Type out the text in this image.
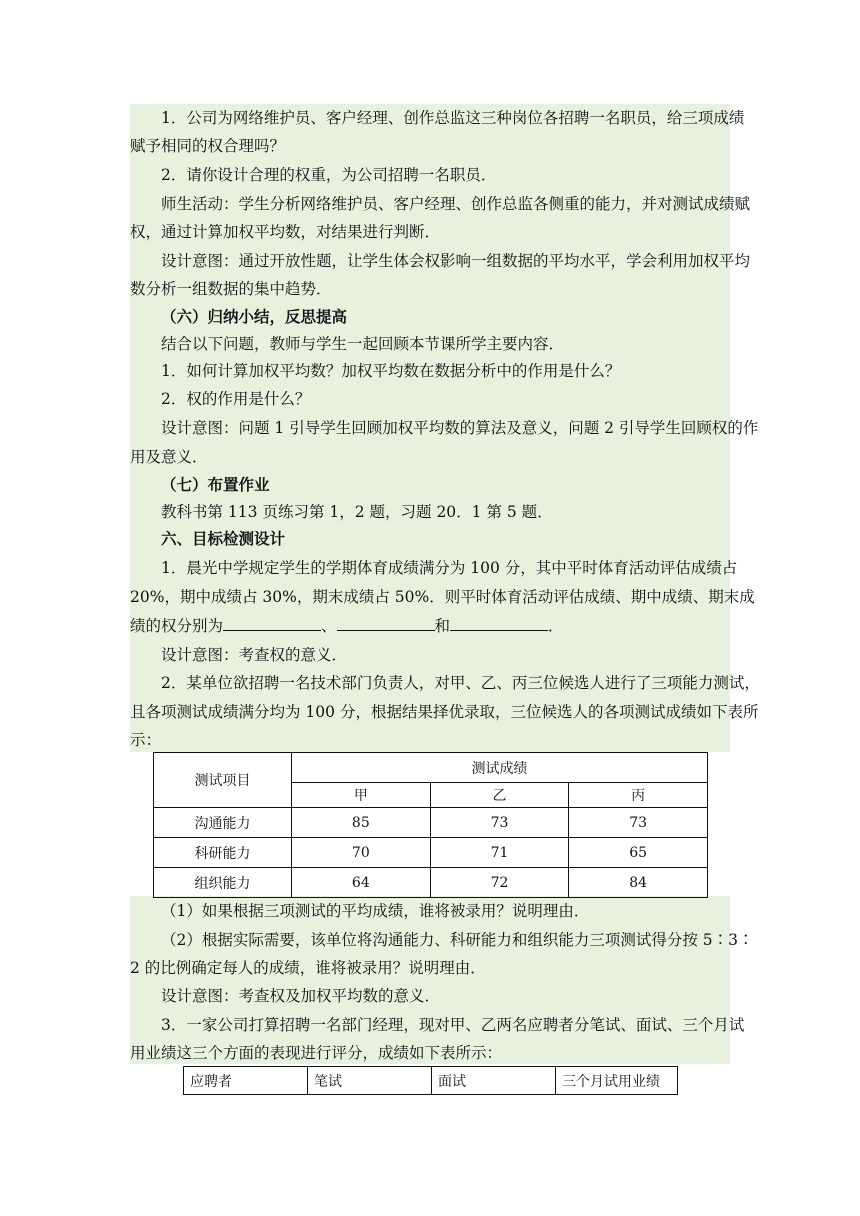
1．公司为网络维护员、客户经理、创作总监这三种岗位各招聘一名职员，给三项成绩
赋予相同的权合理吗？
2．请你设计合理的权重，为公司招聘一名职员．
师生活动：学生分析网络维护员、客户经理、创作总监各侧重的能力，并对测试成绩赋
权，通过计算加权平均数，对结果进行判断．
设计意图：通过开放性题，让学生体会权影响一组数据的平均水平，学会利用加权平均
数分析一组数据的集中趋势．
（六）归纳小结，反思提高
结合以下问题，教师与学生一起回顾本节课所学主要内容．
1．如何计算加权平均数？加权平均数在数据分析中的作用是什么？
2．权的作用是什么？
设计意图：问题 1 引导学生回顾加权平均数的算法及意义，问题 2 引导学生回顾权的作
用及意义．
（七）布置作业
教科书第 113 页练习第 1，2 题，习题 20．1 第 5 题．
六、目标检测设计
1．晨光中学规定学生的学期体育成绩满分为 100 分，其中平时体育活动评估成绩占
20%，期中成绩占 30%，期末成绩占 50%．则平时体育活动评估成绩、期中成绩、期末成
绩的权分别为	、	和	．
设计意图：考查权的意义．
2．某单位欲招聘一名技术部门负责人，对甲、乙、丙三位候选人进行了三项能力测试，
且各项测试成绩满分均为 100 分，根据结果择优录取，三位候选人的各项测试成绩如下表所
示：
测试项目	测试成绩		
	甲	乙	丙
沟通能力	85	73	73
科研能力	70	71	65
组织能力	64	72	84
（1）如果根据三项测试的平均成绩，谁将被录用？说明理由．
（2）根据实际需要，该单位将沟通能力、科研能力和组织能力三项测试得分按 5∶3∶
2 的比例确定每人的成绩，谁将被录用？说明理由．
设计意图：考查权及加权平均数的意义．
3．一家公司打算招聘一名部门经理，现对甲、乙两名应聘者分笔试、面试、三个月试
用业绩这三个方面的表现进行评分，成绩如下表所示：
应聘者	笔试	面试	三个月试用业绩
